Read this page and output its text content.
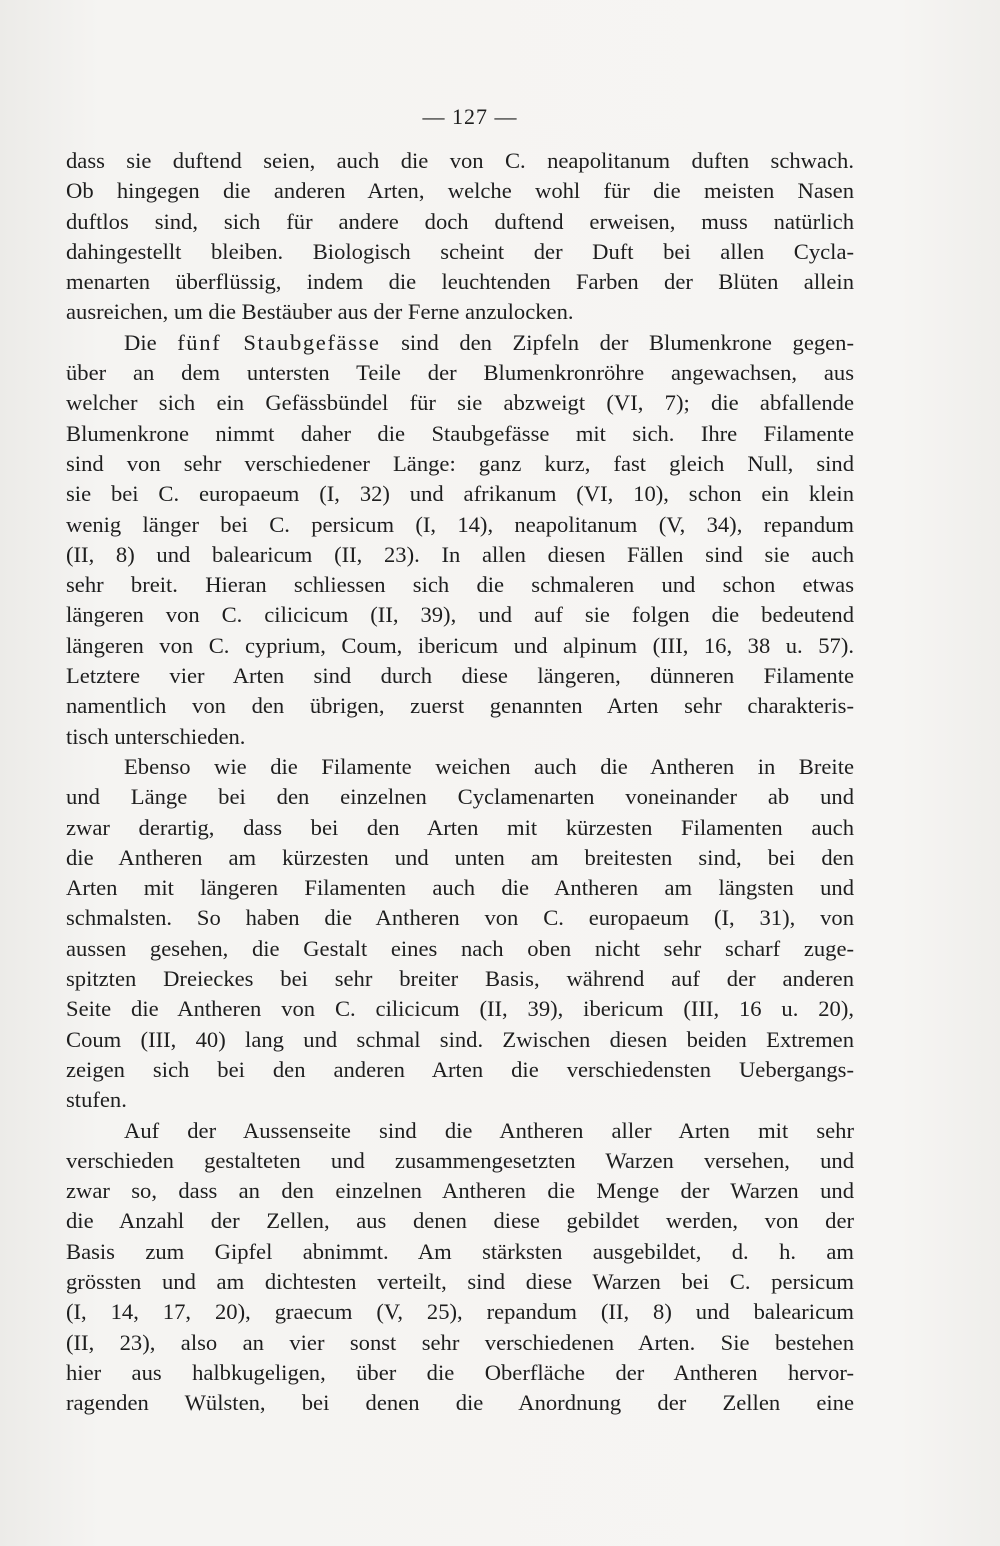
— 127 —
dass sie duftend seien, auch die von C. neapolitanum duften schwach.
Ob hingegen die anderen Arten, welche wohl für die meisten Nasen
duftlos sind, sich für andere doch duftend erweisen, muss natürlich
dahingestellt bleiben. Biologisch scheint der Duft bei allen Cycla-
menarten überflüssig, indem die leuchtenden Farben der Blüten allein
ausreichen, um die Bestäuber aus der Ferne anzulocken.
Die fünf Staubgefässe sind den Zipfeln der Blumenkrone gegen-
über an dem untersten Teile der Blumenkronröhre angewachsen, aus
welcher sich ein Gefässbündel für sie abzweigt (VI, 7); die abfallende
Blumenkrone nimmt daher die Staubgefässe mit sich. Ihre Filamente
sind von sehr verschiedener Länge: ganz kurz, fast gleich Null, sind
sie bei C. europaeum (I, 32) und afrikanum (VI, 10), schon ein klein
wenig länger bei C. persicum (I, 14), neapolitanum (V, 34), repandum
(II, 8) und balearicum (II, 23). In allen diesen Fällen sind sie auch
sehr breit. Hieran schliessen sich die schmaleren und schon etwas
längeren von C. cilicicum (II, 39), und auf sie folgen die bedeutend
längeren von C. cyprium, Coum, ibericum und alpinum (III, 16, 38 u. 57).
Letztere vier Arten sind durch diese längeren, dünneren Filamente
namentlich von den übrigen, zuerst genannten Arten sehr charakteris-
tisch unterschieden.
Ebenso wie die Filamente weichen auch die Antheren in Breite
und Länge bei den einzelnen Cyclamenarten voneinander ab und
zwar derartig, dass bei den Arten mit kürzesten Filamenten auch
die Antheren am kürzesten und unten am breitesten sind, bei den
Arten mit längeren Filamenten auch die Antheren am längsten und
schmalsten. So haben die Antheren von C. europaeum (I, 31), von
aussen gesehen, die Gestalt eines nach oben nicht sehr scharf zuge-
spitzten Dreieckes bei sehr breiter Basis, während auf der anderen
Seite die Antheren von C. cilicicum (II, 39), ibericum (III, 16 u. 20),
Coum (III, 40) lang und schmal sind. Zwischen diesen beiden Extremen
zeigen sich bei den anderen Arten die verschiedensten Uebergangs-
stufen.
Auf der Aussenseite sind die Antheren aller Arten mit sehr
verschieden gestalteten und zusammengesetzten Warzen versehen, und
zwar so, dass an den einzelnen Antheren die Menge der Warzen und
die Anzahl der Zellen, aus denen diese gebildet werden, von der
Basis zum Gipfel abnimmt. Am stärksten ausgebildet, d. h. am
grössten und am dichtesten verteilt, sind diese Warzen bei C. persicum
(I, 14, 17, 20), graecum (V, 25), repandum (II, 8) und balearicum
(II, 23), also an vier sonst sehr verschiedenen Arten. Sie bestehen
hier aus halbkugeligen, über die Oberfläche der Antheren hervor-
ragenden Wülsten, bei denen die Anordnung der Zellen eine
